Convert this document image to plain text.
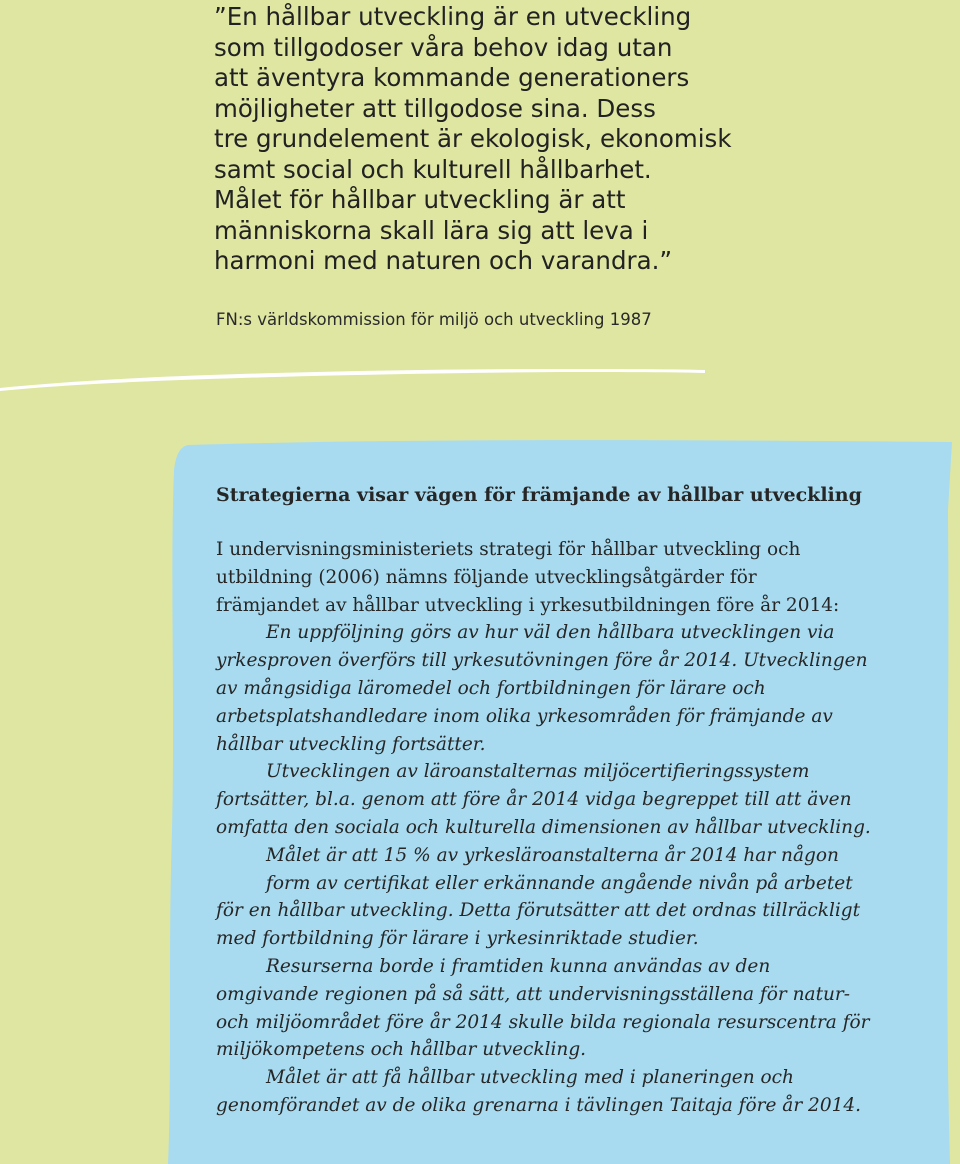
”En hållbar utveckling är en utveckling
som tillgodoser våra behov idag utan
att äventyra kommande generationers
möjligheter att tillgodose sina. Dess
tre grundelement är ekologisk, ekonomisk
samt social och kulturell hållbarhet.
Målet för hållbar utveckling är att
människorna skall lära sig att leva i
harmoni med naturen och varandra.”
FN:s världskommission för miljö och utveckling 1987
Strategierna visar vägen för främjande av hållbar utveckling
I undervisningsministeriets strategi för hållbar utveckling och
utbildning (2006) nämns följande utvecklingsåtgärder för
främjandet av hållbar utveckling i yrkesutbildningen före år 2014:
En uppföljning görs av hur väl den hållbara utvecklingen via
yrkesproven överförs till yrkesutövningen före år 2014. Utvecklingen
av mångsidiga läromedel och fortbildningen för lärare och
arbetsplatshandledare inom olika yrkesområden för främjande av
hållbar utveckling fortsätter.
Utvecklingen av läroanstalternas miljöcertifieringssystem
fortsätter, bl.a. genom att före år 2014 vidga begreppet till att även
omfatta den sociala och kulturella dimensionen av hållbar utveckling.
Målet är att 15 % av yrkesläroanstalterna år 2014 har någon
form av certifikat eller erkännande angående nivån på arbetet
för en hållbar utveckling. Detta förutsätter att det ordnas tillräckligt
med fortbildning för lärare i yrkesinriktade studier.
Resurserna borde i framtiden kunna användas av den
omgivande regionen på så sätt, att undervisningsställena för natur-
och miljöområdet före år 2014 skulle bilda regionala resurscentra för
miljökompetens och hållbar utveckling.
Målet är att få hållbar utveckling med i planeringen och
genomförandet av de olika grenarna i tävlingen Taitaja före år 2014.
